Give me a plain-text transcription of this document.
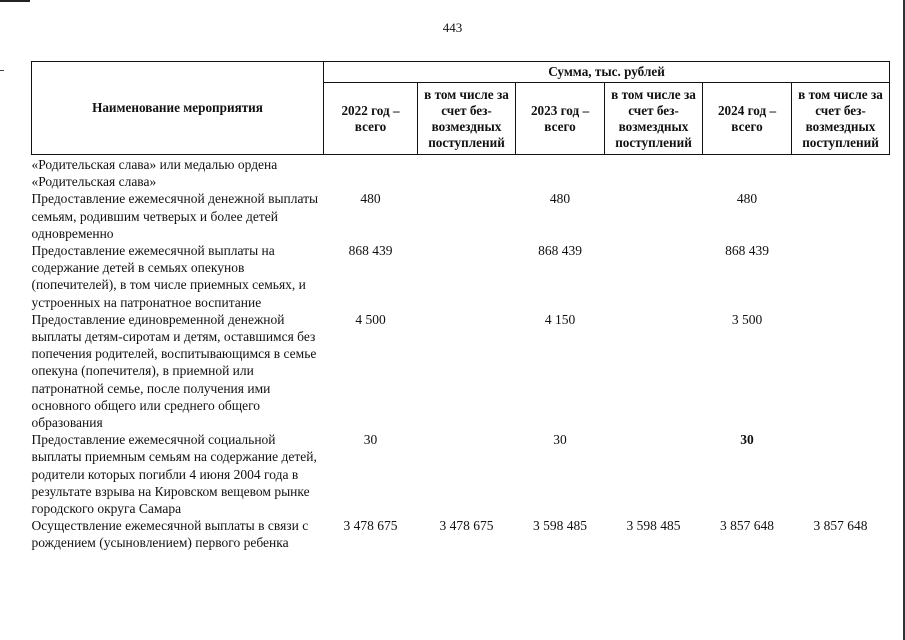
443
Наименование мероприятия	Сумма, тыс. рублей					
	2022 год – всего	в том числе за счет без- возмездных поступлений	2023 год – всего	в том числе за счет без- возмездных поступлений	2024 год – всего	в том числе за счет без- возмездных поступлений
«Родительская слава» или медалью ордена «Родительская слава»						
Предоставление ежемесячной денежной выплаты семьям, родившим четверых и более детей одновременно	480		480		480	
Предоставление ежемесячной выплаты на содержание детей в семьях опекунов (попечителей), в том числе приемных семьях, и устроенных на патронатное воспитание	868 439		868 439		868 439	
Предоставление единовременной денежной выплаты детям-сиротам и детям, оставшимся без попечения родителей, воспитывающимся в семье опекуна (попечителя), в приемной или патронатной семье, после получения ими основного общего или среднего общего образования	4 500		4 150		3 500	
Предоставление ежемесячной социальной выплаты приемным семьям на содержание детей, родители которых погибли 4 июня 2004 года в результате взрыва на Кировском вещевом рынке городского округа Самара	30		30		30	
Осуществление ежемесячной выплаты в связи с рождением (усыновлением) первого ребенка	3 478 675	3 478 675	3 598 485	3 598 485	3 857 648	3 857 648
